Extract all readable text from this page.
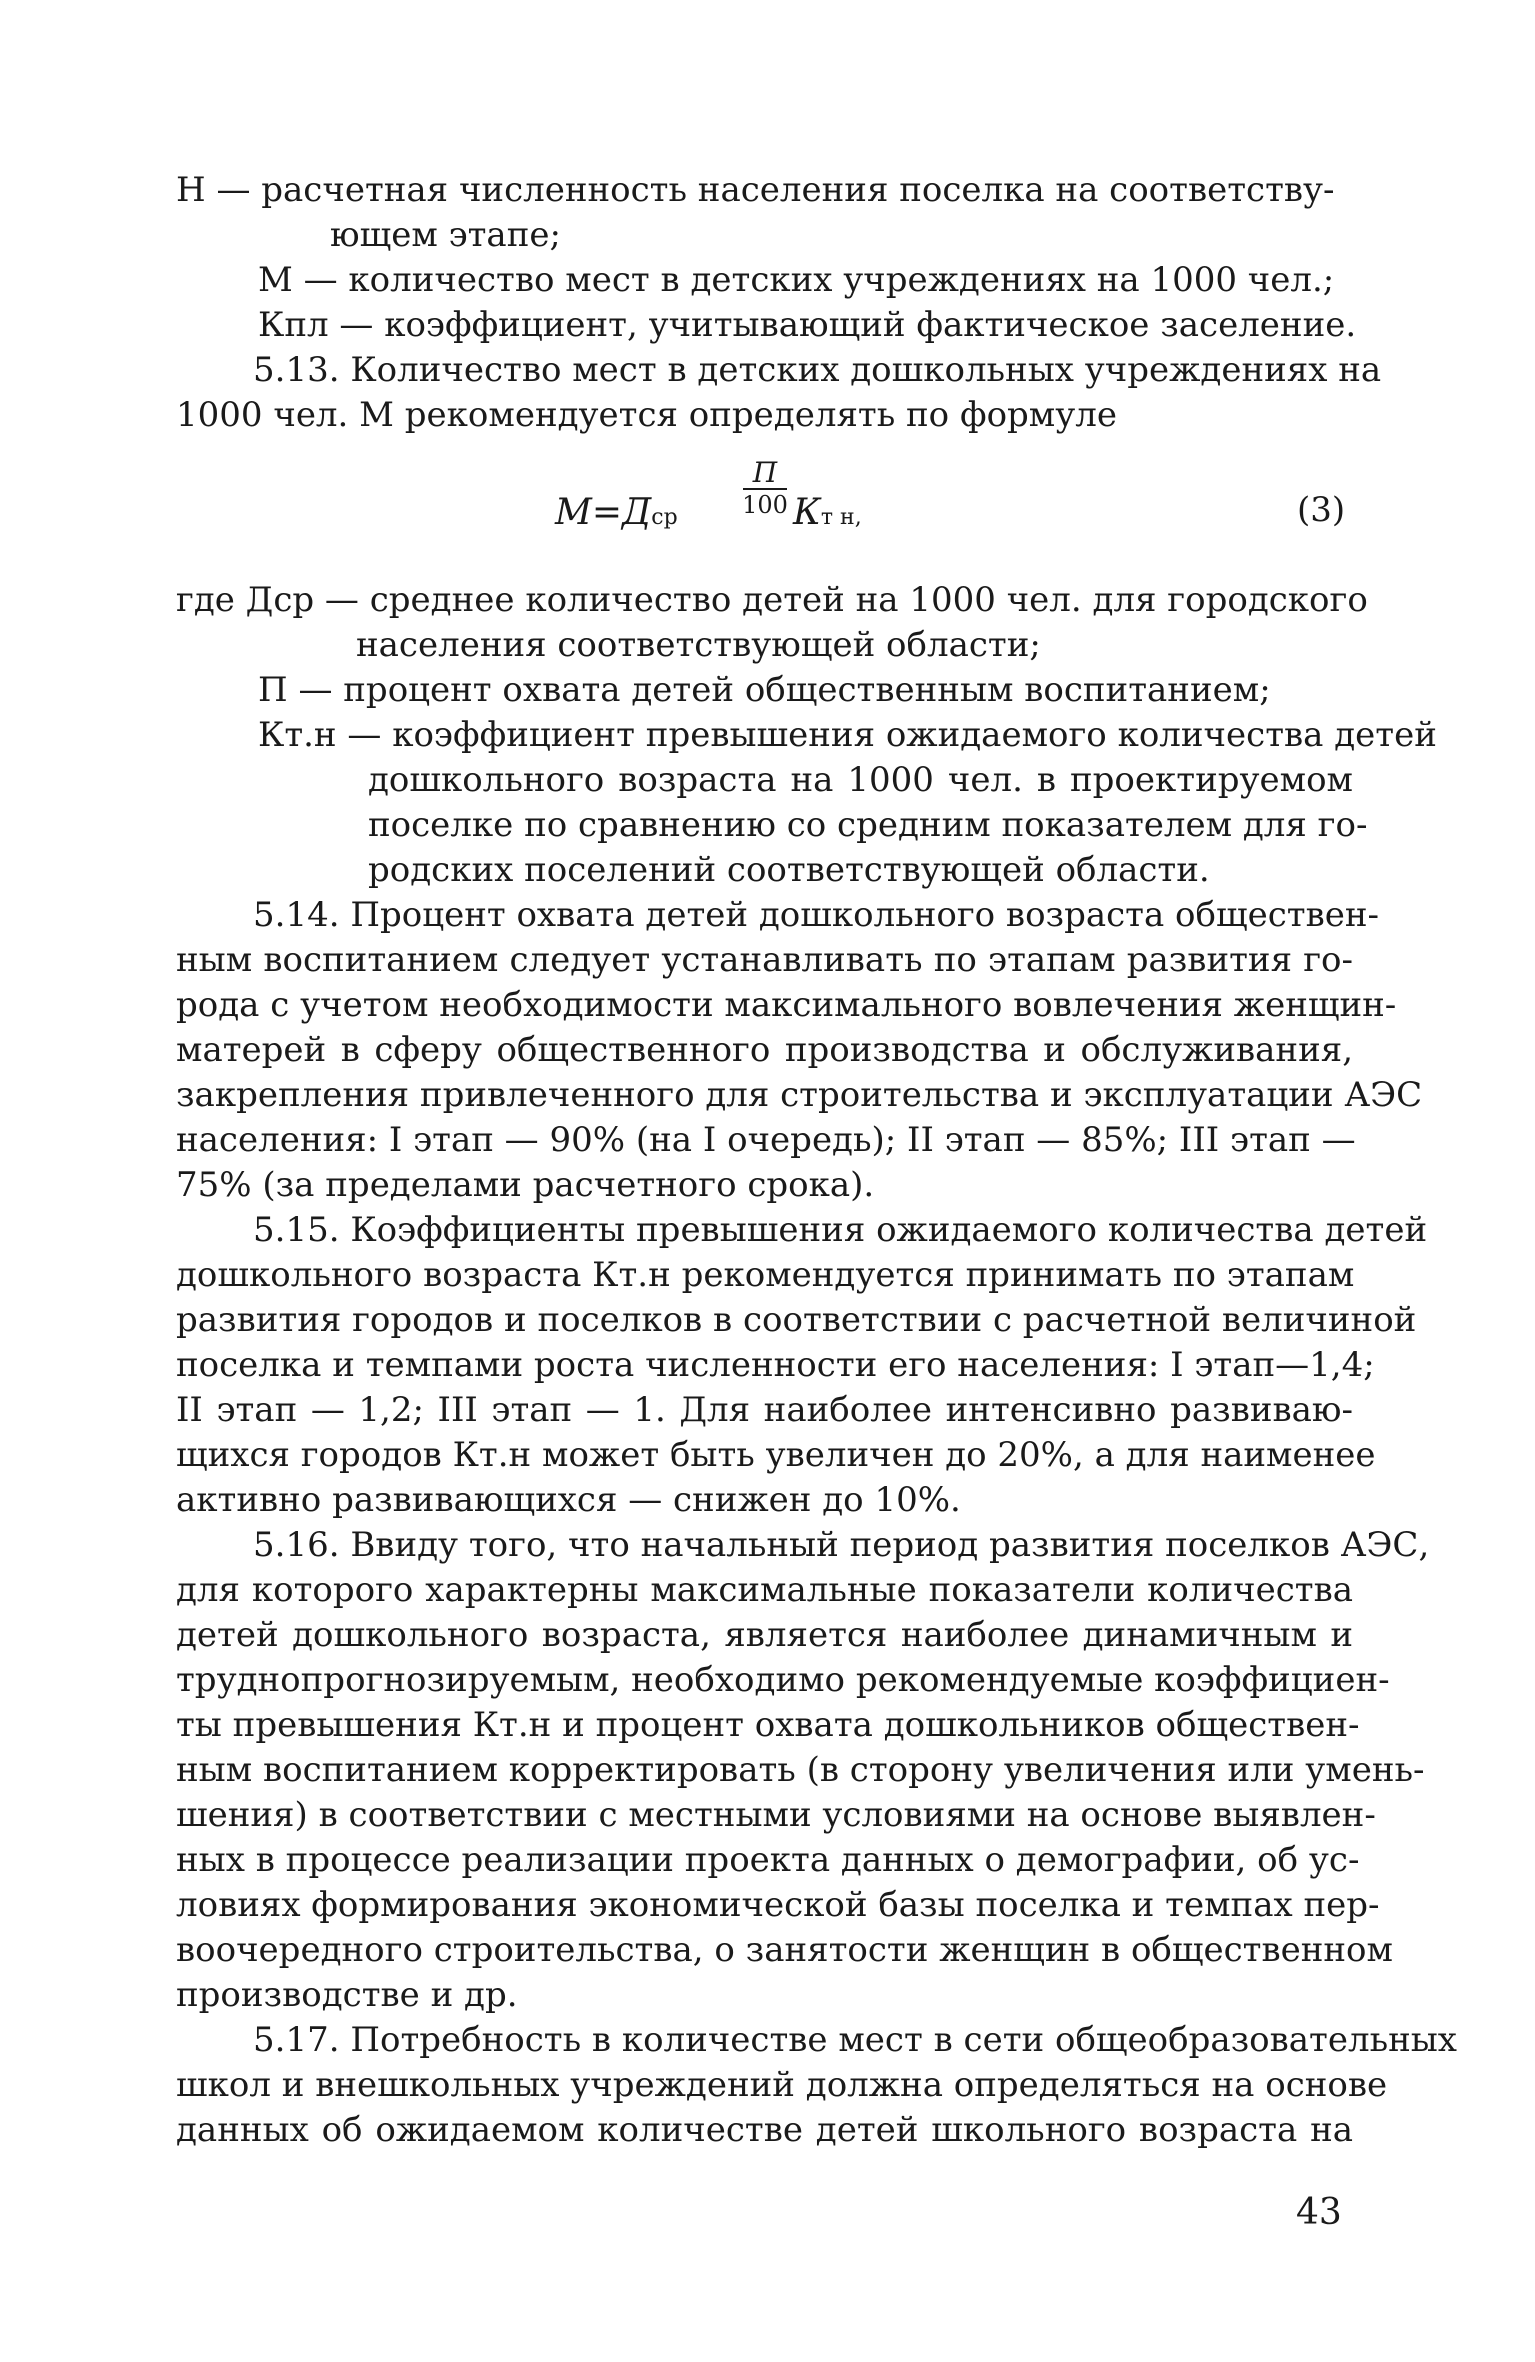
Н — расчетная численность населения поселка на соответству-
ющем этапе;
М — количество мест в детских учреждениях на 1000 чел.;
Кпл — коэффициент, учитывающий фактическое заселение.
5.13. Количество мест в детских дошкольных учреждениях на
1000 чел. М рекомендуется определять по формуле
М=Дср
П
100 Кт н,	(3)
где Дср — среднее количество детей на 1000 чел. для городского
населения соответствующей области;
П — процент охвата детей общественным воспитанием;
Кт.н — коэффициент превышения ожидаемого количества детей
дошкольного возраста на 1000 чел. в проектируемом
поселке по сравнению со средним показателем для го-
родских поселений соответствующей области.
5.14. Процент охвата детей дошкольного возраста обществен-
ным воспитанием следует устанавливать по этапам развития го-
рода с учетом необходимости максимального вовлечения женщин-
матерей в сферу общественного производства и обслуживания,
закрепления привлеченного для строительства и эксплуатации АЭС
населения: I этап — 90% (на I очередь); II этап — 85%; III этап —
75% (за пределами расчетного срока).
5.15. Коэффициенты превышения ожидаемого количества детей
дошкольного возраста Кт.н рекомендуется принимать по этапам
развития городов и поселков в соответствии с расчетной величиной
поселка и темпами роста численности его населения: I этап—1,4;
II этап — 1,2; III этап — 1. Для наиболее интенсивно развиваю-
щихся городов Кт.н может быть увеличен до 20%, а для наименее
активно развивающихся — снижен до 10%.
5.16. Ввиду того, что начальный период развития поселков АЭС,
для которого характерны максимальные показатели количества
детей дошкольного возраста, является наиболее динамичным и
труднопрогнозируемым, необходимо рекомендуемые коэффициен-
ты превышения Кт.н и процент охвата дошкольников обществен-
ным воспитанием корректировать (в сторону увеличения или умень-
шения) в соответствии с местными условиями на основе выявлен-
ных в процессе реализации проекта данных о демографии, об ус-
ловиях формирования экономической базы поселка и темпах пер-
воочередного строительства, о занятости женщин в общественном
производстве и др.
5.17. Потребность в количестве мест в сети общеобразовательных
школ и внешкольных учреждений должна определяться на основе
данных об ожидаемом количестве детей школьного возраста на
43
